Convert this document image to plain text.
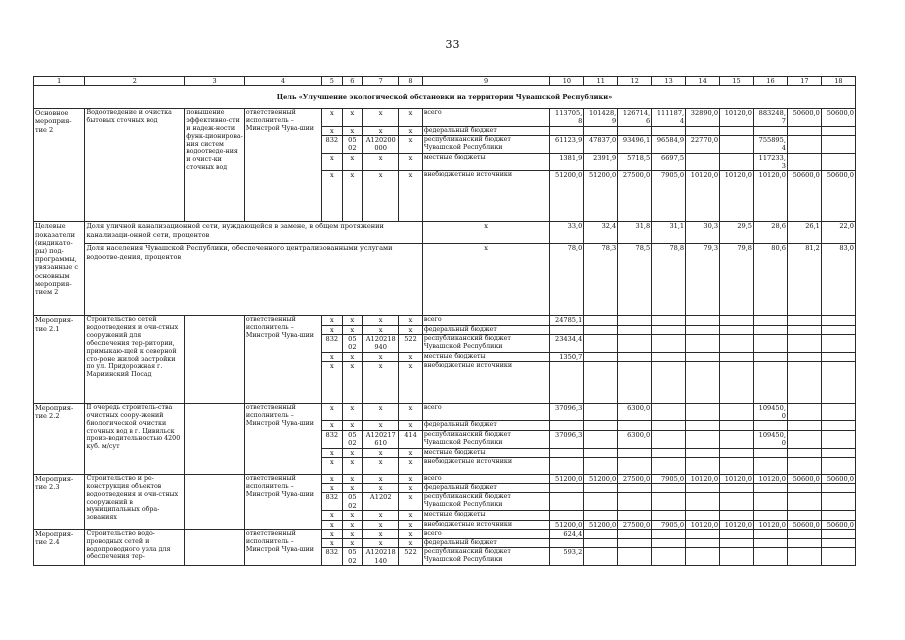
33
1	2	3	4	5	6	7	8	9	10	11	12	13	14	15	16	17	18
Цель «Улучшение экологической обстановки на территории Чувашской Республики»																	
Основное мероприя-тие 2	Водоотведение и очистка бытовых сточных вод	повышение эффективно-сти и надеж-ности функ-ционирова-ния систем водоотведе-ния и очист-ки сточных вод	ответственный исполнитель – Минстрой Чува-шии	х	х	х	х	всего	113705,8	101428,9	126714,6	111187,4	32890,0	10120,0	883248,7	50600,0	50600,0
				х	х	х	х	федеральный бюджет									
				832	05 02	А120200 000	х	республиканский бюджет Чувашской Республики	61123,9	47837,0	93496,1	96584,9	22770,0		755895,4		
				х	х	х	х	местные бюджеты	1381,9	2391,9	5718,5	6697,5			117233,3		
				х	х	х	х	внебюджетные источники	51200,0	51200,0	27500,0	7905,0	10120,0	10120,0	10120,0	50600,0	50600,0
Целевые показатели (индикато-ры) под-программы, увязанные с основным мероприя-тием 2	Доля уличной канализационной сети, нуждающейся в замене, в общем протяжении канализаци-онной сети, процентов							х	33,0	32,4	31,8	31,1	30,3	29,5	28,6	26,1	22,0
	Доля населения Чувашской Республики, обеспеченного централизованными услугами водоотве-дения, процентов							х	78,0	78,3	78,5	78,8	79,3	79,8	80,6	81,2	83,0
Мероприя-тие 2.1	Строительство сетей водоотведения и очи-стных сооружений для обеспечения тер-ритории, примыкаю-щей к северной сто-роне жилой застройки по ул. Придорожная г. Мариинский Посад		ответственный исполнитель – Минстрой Чува-шии	х	х	х	х	всего	24785,1								
				х	х	х	х	федеральный бюджет									
				832	05 02	А120218 940	522	республиканский бюджет Чувашской Республики	23434,4								
				х	х	х	х	местные бюджеты	1350,7								
				х	х	х	х	внебюджетные источники									
Мероприя-тие 2.2	II очередь строитель-ства очистных соору-жений биологической очистки сточных вод в г. Цивильск произ-водительностью 4200 куб. м/сут		ответственный исполнитель – Минстрой Чува-шии	х	х	х	х	всего	37096,3		6300,0				109450,0		
				х	х	х	х	федеральный бюджет									
				832	05 02	А120217 610	414	республиканский бюджет Чувашской Республики	37096,3		6300,0				109450,0		
				х	х	х	х	местные бюджеты									
				х	х	х	х	внебюджетные источники									
Мероприя-тие 2.3	Строительство и ре-конструкция объектов водоотведения и очи-стных сооружений в муниципальных обра-зованиях		ответственный исполнитель – Минстрой Чува-шии	х	х	х	х	всего	51200,0	51200,0	27500,0	7905,0	10120,0	10120,0	10120,0	50600,0	50600,0
				х	х	х	х	федеральный бюджет									
				832	05 02	А1202	х	республиканский бюджет Чувашской Республики									
				х	х	х	х	местные бюджеты									
				х	х	х	х	внебюджетные источники	51200,0	51200,0	27500,0	7905,0	10120,0	10120,0	10120,0	50600,0	50600,0
Мероприя-тие 2.4	Строительство водо-проводных сетей и водопроводного узла для обеспечения тер-		ответственный исполнитель – Минстрой Чува-шии	х	х	х	х	всего	624,4								
				х	х	х	х	федеральный бюджет									
				832	05 02	А120218 140	522	республиканский бюджет Чувашской Республики	593,2								
